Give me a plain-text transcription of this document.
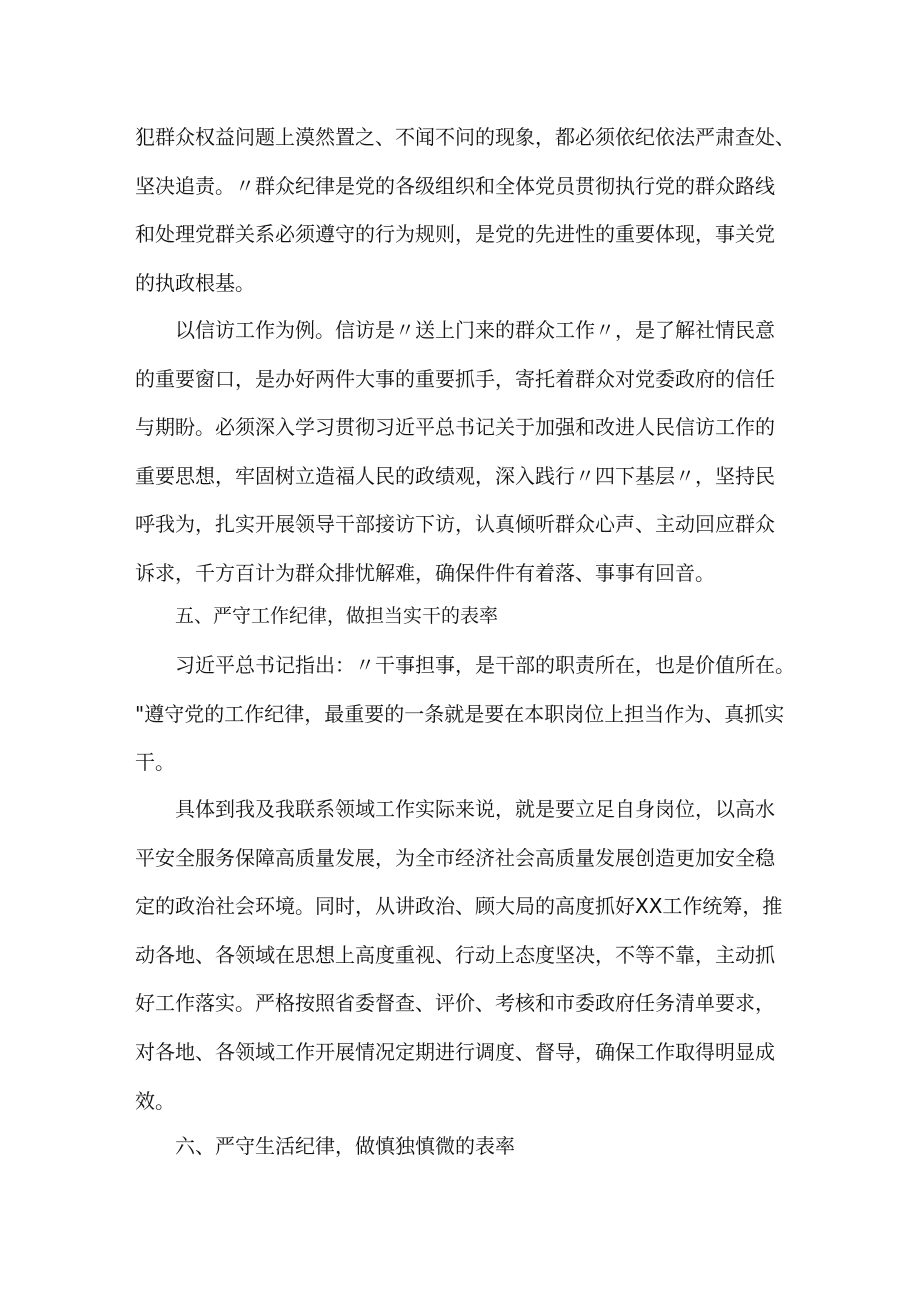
犯群众权益问题上漠然置之、不闻不问的现象，都必须依纪依法严肃查处、
坚决追责。〃群众纪律是党的各级组织和全体党员贯彻执行党的群众路线
和处理党群关系必须遵守的行为规则，是党的先进性的重要体现，事关党
的执政根基。
以信访工作为例。信访是〃送上门来的群众工作〃，是了解社情民意
的重要窗口，是办好两件大事的重要抓手，寄托着群众对党委政府的信任
与期盼。必须深入学习贯彻习近平总书记关于加强和改进人民信访工作的
重要思想，牢固树立造福人民的政绩观，深入践行〃四下基层〃，坚持民
呼我为，扎实开展领导干部接访下访，认真倾听群众心声、主动回应群众
诉求，千方百计为群众排忧解难，确保件件有着落、事事有回音。
五、严守工作纪律，做担当实干的表率
习近平总书记指出：〃干事担事，是干部的职责所在，也是价值所在。
"遵守党的工作纪律，最重要的一条就是要在本职岗位上担当作为、真抓实
干。
具体到我及我联系领域工作实际来说，就是要立足自身岗位，以高水
平安全服务保障高质量发展，为全市经济社会高质量发展创造更加安全稳
定的政治社会环境。同时，从讲政治、顾大局的高度抓好XX工作统筹，推
动各地、各领域在思想上高度重视、行动上态度坚决，不等不靠，主动抓
好工作落实。严格按照省委督查、评价、考核和市委政府任务清单要求，
对各地、各领域工作开展情况定期进行调度、督导，确保工作取得明显成
效。
六、严守生活纪律，做慎独慎微的表率
